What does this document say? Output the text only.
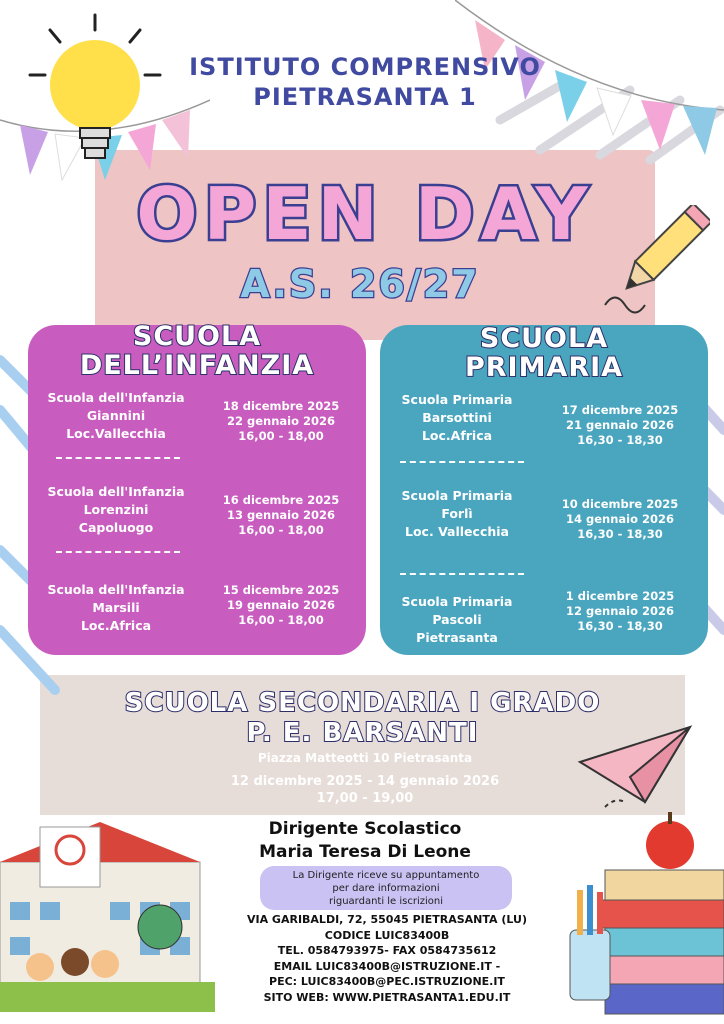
ISTITUTO COMPRENSIVO
PIETRASANTA 1
OPEN DAY
A.S. 26/27
SCUOLA
DELL’INFANZIA
Scuola dell'Infanzia
Giannini
Loc.Vallecchia
18 dicembre 2025
22 gennaio 2026
16,00 - 18,00
Scuola dell'Infanzia
Lorenzini
Capoluogo
16 dicembre 2025
13 gennaio 2026
16,00 - 18,00
Scuola dell'Infanzia
Marsili
Loc.Africa
15 dicembre 2025
19 gennaio 2026
16,00 - 18,00
SCUOLA
PRIMARIA
Scuola Primaria
Barsottini
Loc.Africa
17 dicembre 2025
21 gennaio 2026
16,30 - 18,30
Scuola Primaria
Forlì
Loc. Vallecchia
10 dicembre 2025
14 gennaio 2026
16,30 - 18,30
Scuola Primaria
Pascoli
Pietrasanta
1 dicembre 2025
12 gennaio 2026
16,30 - 18,30
SCUOLA SECONDARIA I GRADO
P. E. BARSANTI
Piazza Matteotti 10 Pietrasanta
12 dicembre 2025 - 14 gennaio 2026
17,00 - 19,00
Dirigente Scolastico
Maria Teresa Di Leone
La Dirigente riceve su appuntamento
per dare informazioni
riguardanti le iscrizioni
VIA GARIBALDI, 72, 55045 PIETRASANTA (LU)
CODICE LUIC83400B
TEL. 0584793975- FAX 0584735612
EMAIL LUIC83400B@ISTRUZIONE.IT -
PEC: LUIC83400B@PEC.ISTRUZIONE.IT
SITO WEB: WWW.PIETRASANTA1.EDU.IT
